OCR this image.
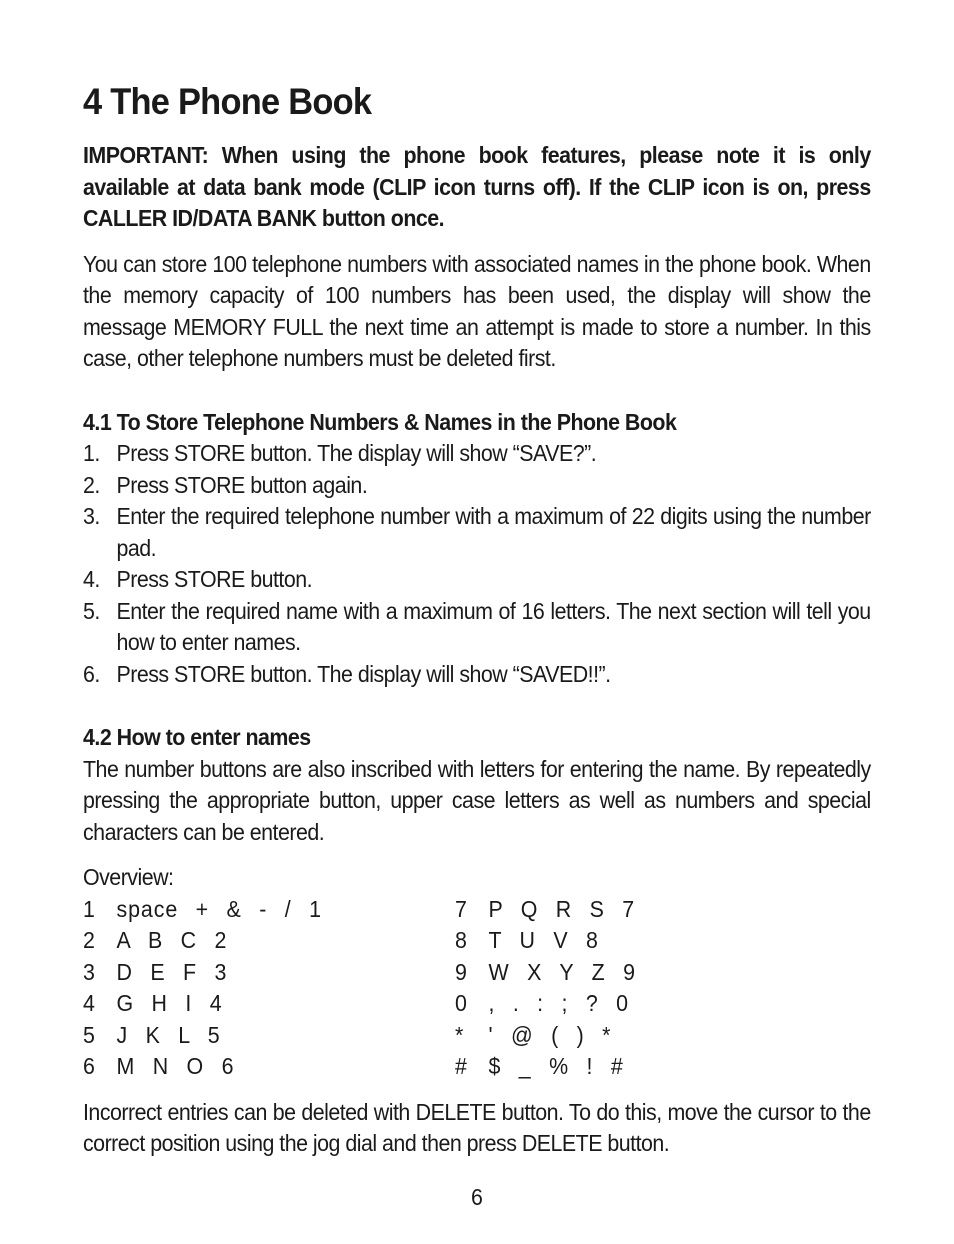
4 The Phone Book

IMPORTANT: When using the phone book features, please note it is only available at data bank mode (CLIP icon turns off). If the CLIP icon is on, press CALLER ID/DATA BANK button once.

You can store 100 telephone numbers with associated names in the phone book. When the memory capacity of 100 numbers has been used, the display will show the message MEMORY FULL the next time an attempt is made to store a number. In this case, other telephone numbers must be deleted first.

4.1 To Store Telephone Numbers & Names in the Phone Book
1. Press STORE button. The display will show “SAVE?”.
2. Press STORE button again.
3. Enter the required telephone number with a maximum of 22 digits using the number pad.
4. Press STORE button.
5. Enter the required name with a maximum of 16 letters. The next section will tell you how to enter names.
6. Press STORE button. The display will show “SAVED!!”.
4.2 How to enter names

The number buttons are also inscribed with letters for entering the name. By repeatedly pressing the appropriate button, upper case letters as well as numbers and special characters can be entered.

Overview:

1 space  +  &  -  /  1
2 A  B  C  2
3 D  E  F  3
4 G  H  I  4
5 J  K  L  5
6 M  N  O  6
7 P  Q  R  S  7
8 T  U  V  8
9 W  X  Y  Z  9
0 ,  .  :  ;  ?  0
*	'  @  (  )  *
# $  _  %  !  #

Incorrect entries can be deleted with DELETE button. To do this, move the cursor to the correct position using the jog dial and then press DELETE button.

6
